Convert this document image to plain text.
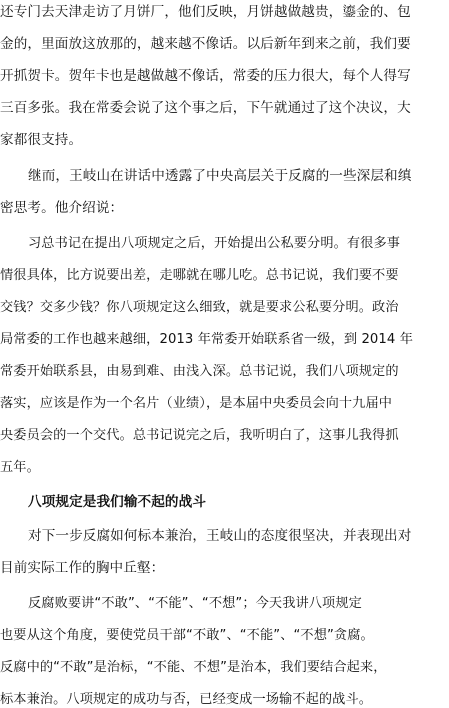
还专门去天津走访了月饼厂，他们反映，月饼越做越贵，鎏金的、包
金的，里面放这放那的，越来越不像话。以后新年到来之前，我们要
开抓贺卡。贺年卡也是越做越不像话，常委的压力很大，每个人得写
三百多张。我在常委会说了这个事之后，下午就通过了这个决议，大
家都很支持。
继而，王岐山在讲话中透露了中央高层关于反腐的一些深层和缜
密思考。他介绍说：
习总书记在提出八项规定之后，开始提出公私要分明。有很多事
情很具体，比方说要出差，走哪就在哪儿吃。总书记说，我们要不要
交钱？交多少钱？你八项规定这么细致，就是要求公私要分明。政治
局常委的工作也越来越细，2013 年常委开始联系省一级，到 2014 年
常委开始联系县，由易到难、由浅入深。总书记说，我们八项规定的
落实，应该是作为一个名片（业绩），是本届中央委员会向十九届中
央委员会的一个交代。总书记说完之后，我听明白了，这事儿我得抓
五年。
八项规定是我们输不起的战斗
对下一步反腐如何标本兼治，王岐山的态度很坚决，并表现出对
目前实际工作的胸中丘壑：
反腐败要讲“不敢”、“不能”、“不想”；今天我讲八项规定
也要从这个角度，要使党员干部“不敢”、“不能”、“不想”贪腐。
反腐中的“不敢”是治标，“不能、不想”是治本，我们要结合起来，
标本兼治。八项规定的成功与否，已经变成一场输不起的战斗。
